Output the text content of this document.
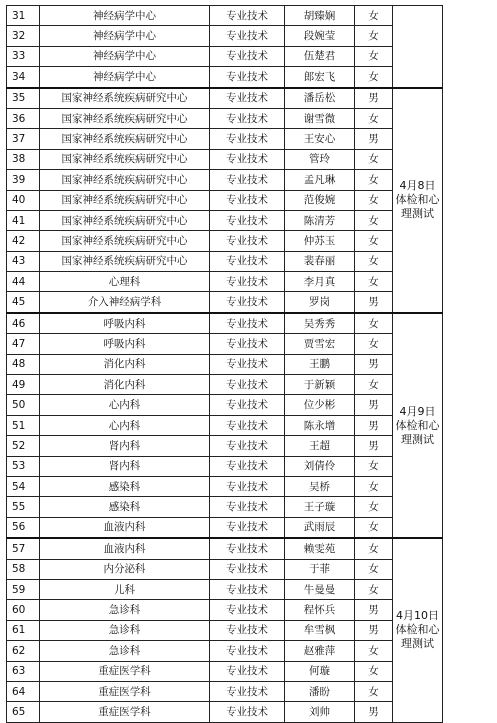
31	神经病学中心	专业技术	胡臻娴	女	
32	神经病学中心	专业技术	段婉莹	女	
33	神经病学中心	专业技术	伍楚君	女	
34	神经病学中心	专业技术	郎宏飞	女	
35	国家神经系统疾病研究中心	专业技术	潘岳松	男	4月8日体检和心理测试
36	国家神经系统疾病研究中心	专业技术	谢雪微	女	
37	国家神经系统疾病研究中心	专业技术	王安心	男	
38	国家神经系统疾病研究中心	专业技术	管玲	女	
39	国家神经系统疾病研究中心	专业技术	孟凡琳	女	
40	国家神经系统疾病研究中心	专业技术	范俊婉	女	
41	国家神经系统疾病研究中心	专业技术	陈清芳	女	
42	国家神经系统疾病研究中心	专业技术	仲苏玉	女	
43	国家神经系统疾病研究中心	专业技术	裴春丽	女	
44	心理科	专业技术	李月真	女	
45	介入神经病学科	专业技术	罗岗	男	
46	呼吸内科	专业技术	吴秀秀	女	4月9日体检和心理测试
47	呼吸内科	专业技术	贾雪宏	女	
48	消化内科	专业技术	王鹏	男	
49	消化内科	专业技术	于新颖	女	
50	心内科	专业技术	位少彬	男	
51	心内科	专业技术	陈永增	男	
52	肾内科	专业技术	王超	男	
53	肾内科	专业技术	刘倩伶	女	
54	感染科	专业技术	吴桥	女	
55	感染科	专业技术	王子璇	女	
56	血液内科	专业技术	武雨辰	女	
57	血液内科	专业技术	赖雯苑	女	4月10日体检和心理测试
58	内分泌科	专业技术	于菲	女	
59	儿科	专业技术	牛曼曼	女	
60	急诊科	专业技术	程怀兵	男	
61	急诊科	专业技术	牟雪枫	男	
62	急诊科	专业技术	赵雅萍	女	
63	重症医学科	专业技术	何璇	女	
64	重症医学科	专业技术	潘盼	女	
65	重症医学科	专业技术	刘帅	男	
